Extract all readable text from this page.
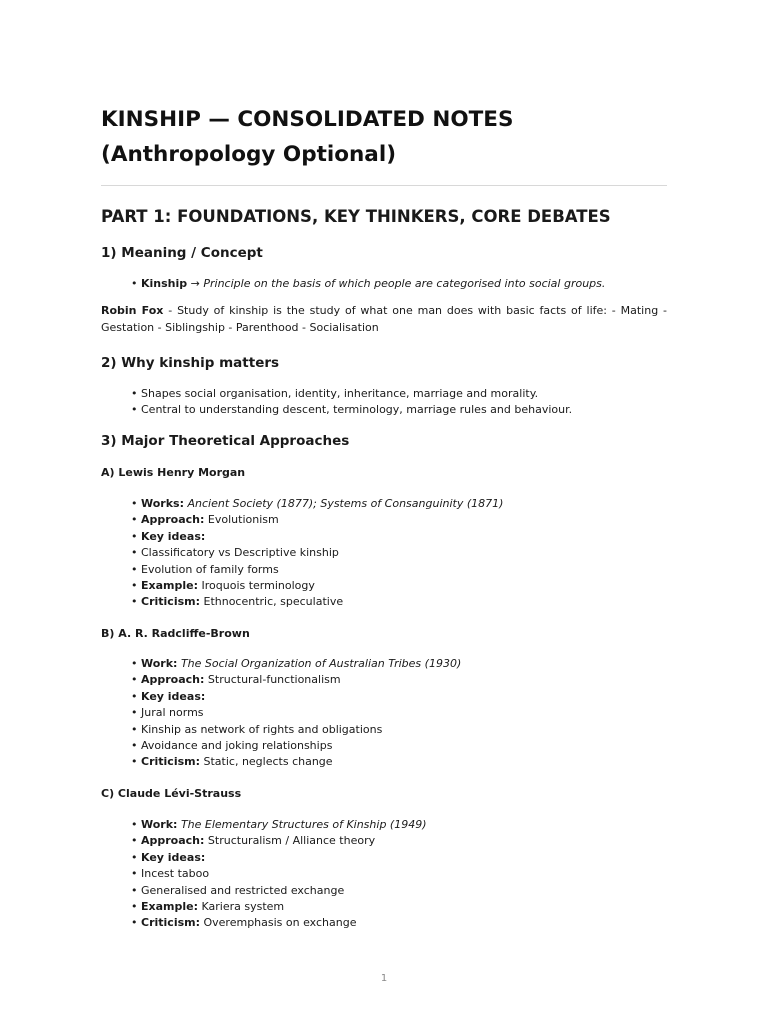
KINSHIP — CONSOLIDATED NOTES
(Anthropology Optional)
PART 1: FOUNDATIONS, KEY THINKERS, CORE DEBATES
1) Meaning / Concept
• Kinship → Principle on the basis of which people are categorised into social groups.

Robin Fox - Study of kinship is the study of what one man does with basic facts of life: - Mating - Gestation - Siblingship - Parenthood - Socialisation

2) Why kinship matters
• Shapes social organisation, identity, inheritance, marriage and morality.
• Central to understanding descent, terminology, marriage rules and behaviour.
3) Major Theoretical Approaches
A) Lewis Henry Morgan
• Works: Ancient Society (1877); Systems of Consanguinity (1871)
• Approach: Evolutionism
• Key ideas:
• Classificatory vs Descriptive kinship
• Evolution of family forms
• Example: Iroquois terminology
• Criticism: Ethnocentric, speculative
B) A. R. Radcliffe-Brown
• Work: The Social Organization of Australian Tribes (1930)
• Approach: Structural-functionalism
• Key ideas:
• Jural norms
• Kinship as network of rights and obligations
• Avoidance and joking relationships
• Criticism: Static, neglects change
C) Claude Lévi-Strauss
• Work: The Elementary Structures of Kinship (1949)
• Approach: Structuralism / Alliance theory
• Key ideas:
• Incest taboo
• Generalised and restricted exchange
• Example: Kariera system
• Criticism: Overemphasis on exchange
1
